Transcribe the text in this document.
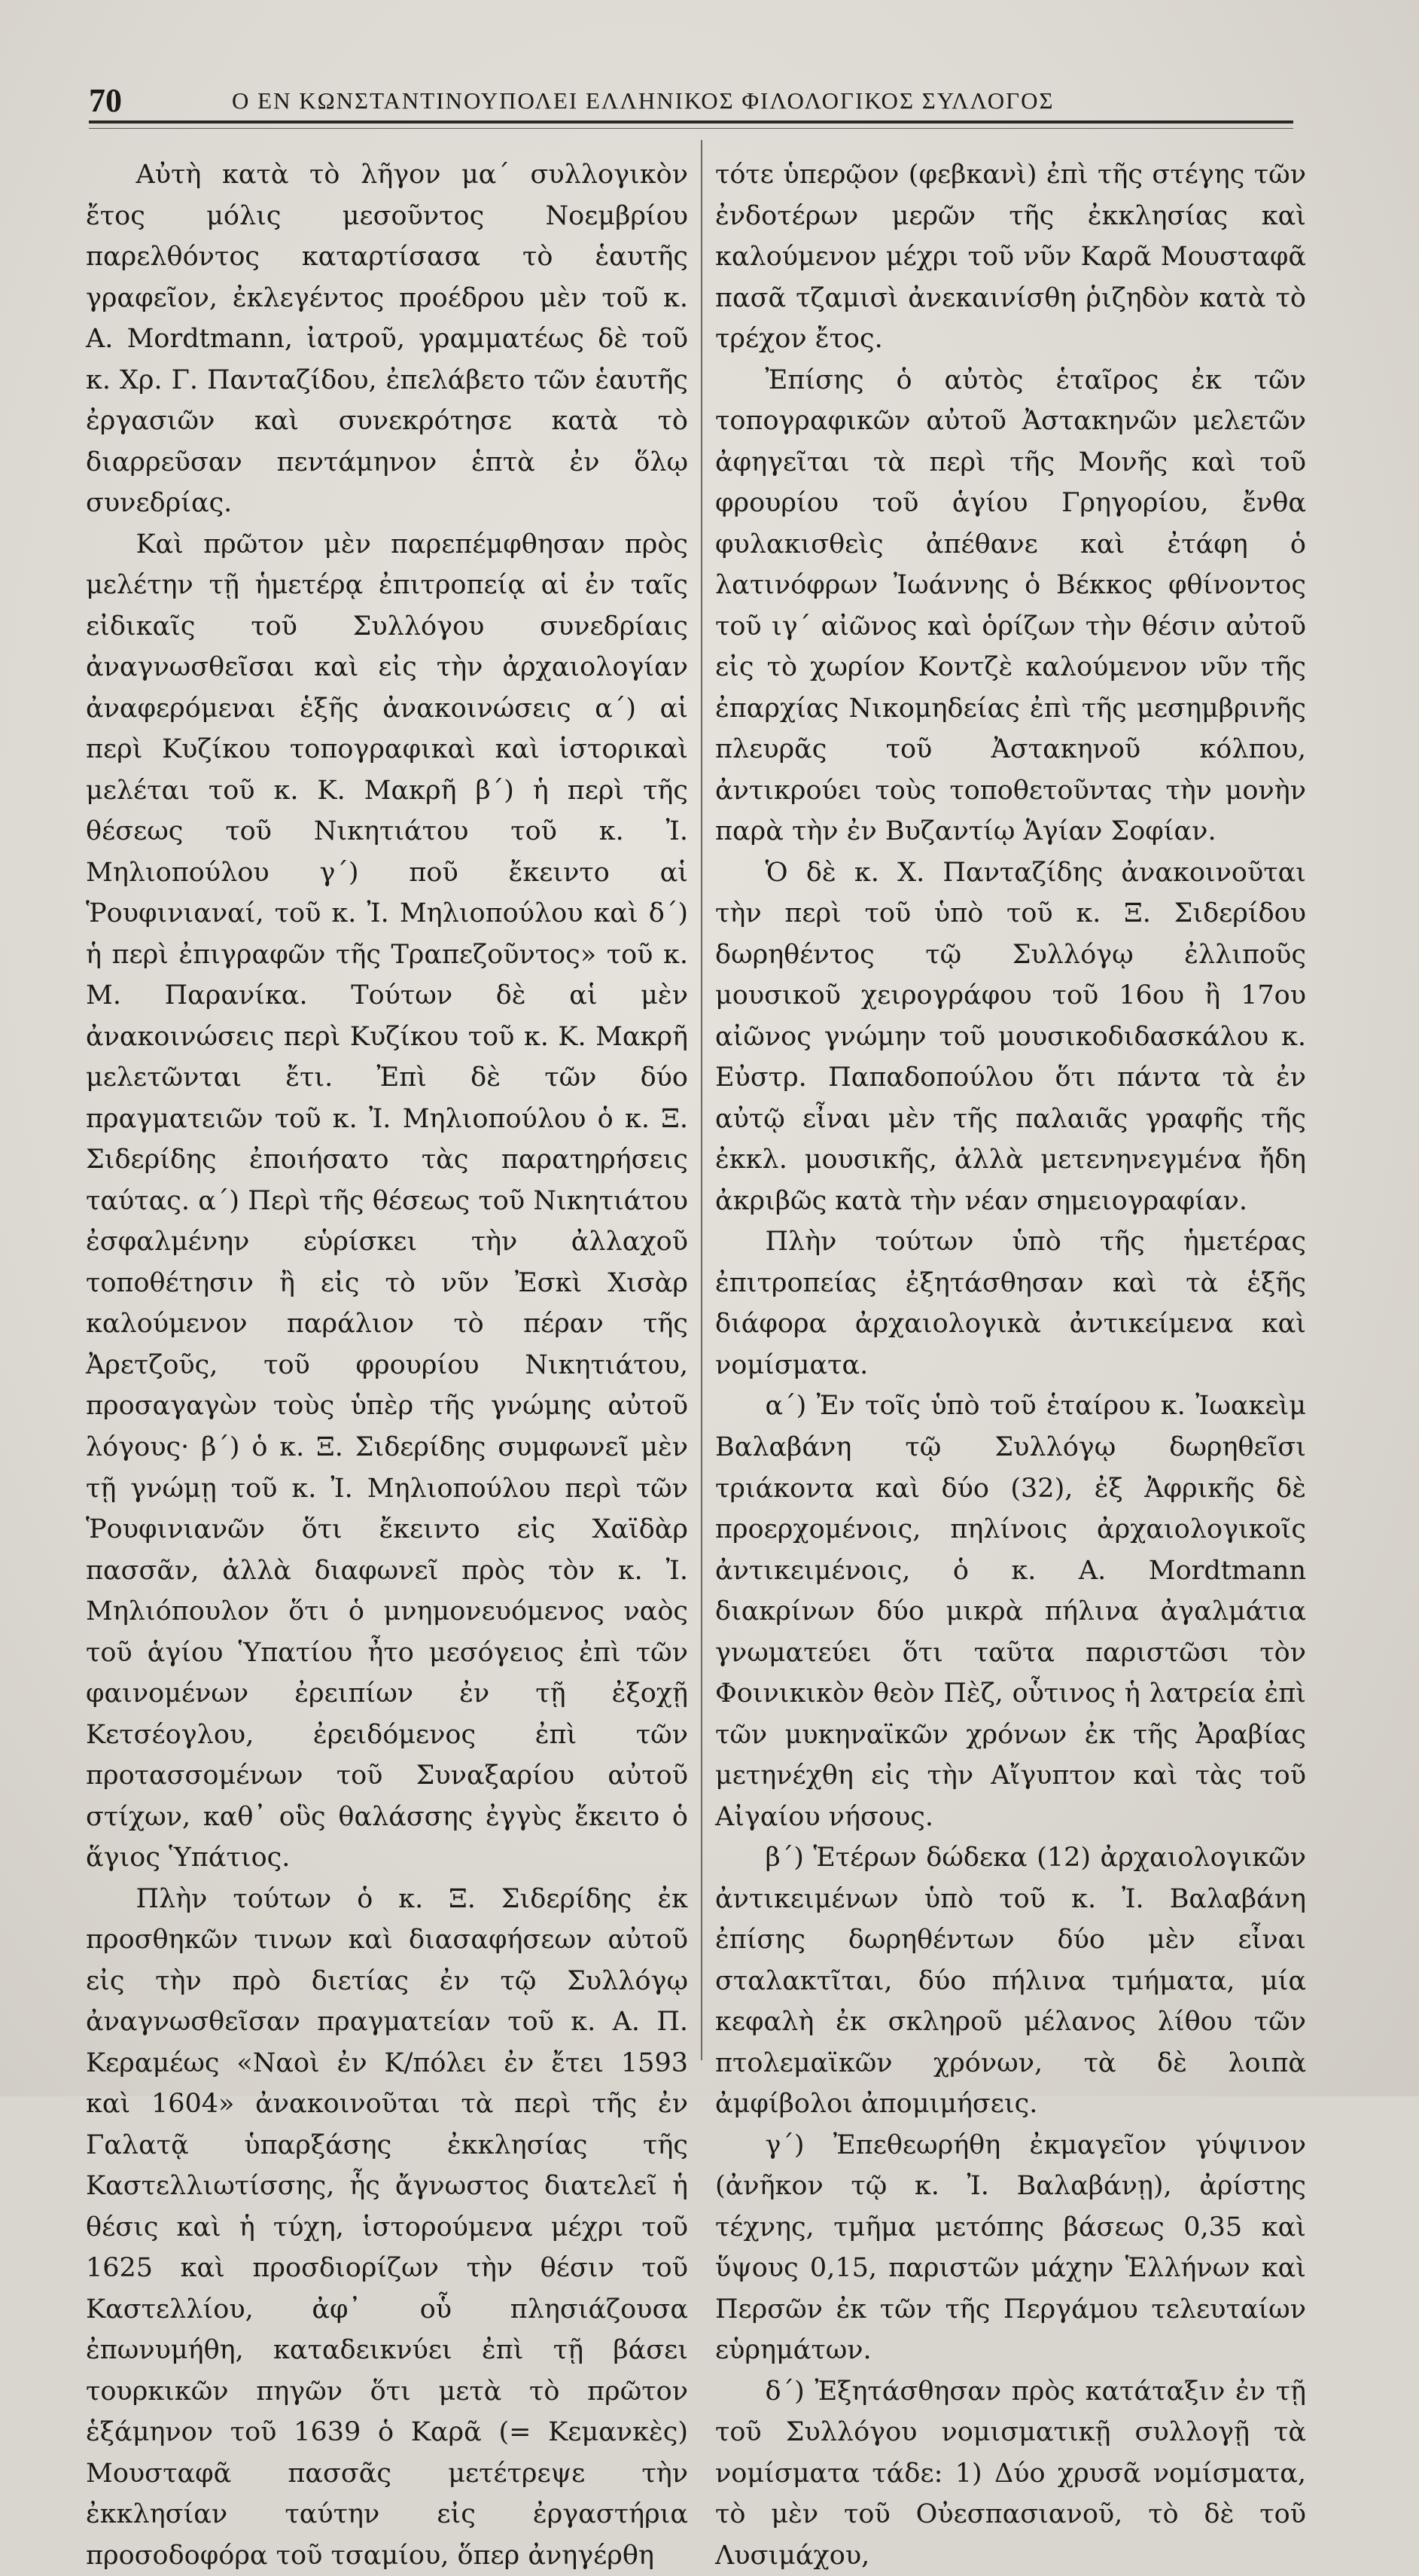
70	Ο ΕΝ ΚΩΝΣΤΑΝΤΙΝΟΥΠΟΛΕΙ ΕΛΛΗΝΙΚΟΣ ΦΙΛΟΛΟΓΙΚΟΣ ΣΥΛΛΟΓΟΣ

Αὐτὴ κατὰ τὸ λῆγον μα΄ συλλογικὸν ἔτος μόλις μεσοῦντος Νοεμβρίου παρελθόντος καταρτίσασα τὸ ἑαυτῆς γραφεῖον, ἐκλεγέντος προέδρου μὲν τοῦ κ. Α. Mordtmann, ἰατροῦ, γραμματέως δὲ τοῦ κ. Χρ. Γ. Πανταζίδου, ἐπελάβετο τῶν ἑαυτῆς ἐργασιῶν καὶ συνεκρότησε κατὰ τὸ διαρρεῦσαν πεντάμηνον ἑπτὰ ἐν ὅλῳ συνεδρίας.

Καὶ πρῶτον μὲν παρεπέμφθησαν πρὸς μελέτην τῇ ἡμετέρᾳ ἐπιτροπείᾳ αἱ ἐν ταῖς εἰδικαῖς τοῦ Συλλόγου συνεδρίαις ἀναγνωσθεῖσαι καὶ εἰς τὴν ἀρχαιολογίαν ἀναφερόμεναι ἑξῆς ἀνακοινώσεις α΄) αἱ περὶ Κυζίκου τοπογραφικαὶ καὶ ἱστορικαὶ μελέται τοῦ κ. Κ. Μακρῆ β΄) ἡ περὶ τῆς θέσεως τοῦ Νικητιάτου τοῦ κ. Ἰ. Μηλιοπούλου γ΄) ποῦ ἔκειντο αἱ Ῥουφινιαναί, τοῦ κ. Ἰ. Μηλιοπούλου καὶ δ΄) ἡ περὶ ἐπιγραφῶν τῆς Τραπεζοῦντος» τοῦ κ. Μ. Παρανίκα. Τούτων δὲ αἱ μὲν ἀνακοινώσεις περὶ Κυζίκου τοῦ κ. Κ. Μακρῆ μελετῶνται ἔτι. Ἐπὶ δὲ τῶν δύο πραγματειῶν τοῦ κ. Ἰ. Μηλιοπούλου ὁ κ. Ξ. Σιδερίδης ἐποιήσατο τὰς παρατηρήσεις ταύτας. α΄) Περὶ τῆς θέσεως τοῦ Νικητιάτου ἐσφαλμένην εὑρίσκει τὴν ἀλλαχοῦ τοποθέτησιν ἢ εἰς τὸ νῦν Ἐσκὶ Χισὰρ καλούμενον παράλιον τὸ πέραν τῆς Ἀρετζοῦς, τοῦ φρουρίου Νικητιάτου, προσαγαγὼν τοὺς ὑπὲρ τῆς γνώμης αὐτοῦ λόγους· β΄) ὁ κ. Ξ. Σιδερίδης συμφωνεῖ μὲν τῇ γνώμῃ τοῦ κ. Ἰ. Μηλιοπούλου περὶ τῶν Ῥουφινιανῶν ὅτι ἔκειντο εἰς Χαϊδὰρ πασσᾶν, ἀλλὰ διαφωνεῖ πρὸς τὸν κ. Ἰ. Μηλιόπουλον ὅτι ὁ μνημονευόμενος ναὸς τοῦ ἁγίου Ὑπατίου ἦτο μεσόγειος ἐπὶ τῶν φαινομένων ἐρειπίων ἐν τῇ ἐξοχῇ Κετσέογλου, ἐρειδόμενος ἐπὶ τῶν προτασσομένων τοῦ Συναξαρίου αὐτοῦ στίχων, καθ᾽ οὓς θαλάσσης ἐγγὺς ἔκειτο ὁ ἅγιος Ὑπάτιος.

Πλὴν τούτων ὁ κ. Ξ. Σιδερίδης ἐκ προσθηκῶν τινων καὶ διασαφήσεων αὐτοῦ εἰς τὴν πρὸ διετίας ἐν τῷ Συλλόγῳ ἀναγνωσθεῖσαν πραγματείαν τοῦ κ. Α. Π. Κεραμέως «Ναοὶ ἐν Κ/πόλει ἐν ἔτει 1593 καὶ 1604» ἀνακοινοῦται τὰ περὶ τῆς ἐν Γαλατᾷ ὑπαρξάσης ἐκκλησίας τῆς Καστελλιωτίσσης, ἧς ἄγνωστος διατελεῖ ἡ θέσις καὶ ἡ τύχη, ἱστορούμενα μέχρι τοῦ 1625 καὶ προσδιορίζων τὴν θέσιν τοῦ Καστελλίου, ἀφ᾽ οὗ πλησιάζουσα ἐπωνυμήθη, καταδεικνύει ἐπὶ τῇ βάσει τουρκικῶν πηγῶν ὅτι μετὰ τὸ πρῶτον ἑξάμηνον τοῦ 1639 ὁ Καρᾶ (= Κεμανκὲς) Μουσταφᾶ πασσᾶς μετέτρεψε τὴν ἐκκλησίαν ταύτην εἰς ἐργαστήρια προσοδοφόρα τοῦ τσαμίου, ὅπερ ἀνηγέρθη

τότε ὑπερῷον (φεβκανὶ) ἐπὶ τῆς στέγης τῶν ἐνδοτέρων μερῶν τῆς ἐκκλησίας καὶ καλούμενον μέχρι τοῦ νῦν Καρᾶ Μουσταφᾶ πασᾶ τζαμισὶ ἀνεκαινίσθη ῥιζηδὸν κατὰ τὸ τρέχον ἔτος.

Ἐπίσης ὁ αὐτὸς ἑταῖρος ἐκ τῶν τοπογραφικῶν αὐτοῦ Ἀστακηνῶν μελετῶν ἀφηγεῖται τὰ περὶ τῆς Μονῆς καὶ τοῦ φρουρίου τοῦ ἁγίου Γρηγορίου, ἔνθα φυλακισθεὶς ἀπέθανε καὶ ἐτάφη ὁ λατινόφρων Ἰωάννης ὁ Βέκκος φθίνοντος τοῦ ιγ΄ αἰῶνος καὶ ὁρίζων τὴν θέσιν αὐτοῦ εἰς τὸ χωρίον Κοντζὲ καλούμενον νῦν τῆς ἐπαρχίας Νικομηδείας ἐπὶ τῆς μεσημβρινῆς πλευρᾶς τοῦ Ἀστακηνοῦ κόλπου, ἀντικρούει τοὺς τοποθετοῦντας τὴν μονὴν παρὰ τὴν ἐν Βυζαντίῳ Ἁγίαν Σοφίαν.

Ὁ δὲ κ. Χ. Πανταζίδης ἀνακοινοῦται τὴν περὶ τοῦ ὑπὸ τοῦ κ. Ξ. Σιδερίδου δωρηθέντος τῷ Συλλόγῳ ἐλλιποῦς μουσικοῦ χειρογράφου τοῦ 16ου ἢ 17ου αἰῶνος γνώμην τοῦ μουσικοδιδασκάλου κ. Εὐστρ. Παπαδοπούλου ὅτι πάντα τὰ ἐν αὐτῷ εἶναι μὲν τῆς παλαιᾶς γραφῆς τῆς ἐκκλ. μουσικῆς, ἀλλὰ μετενηνεγμένα ἤδη ἀκριβῶς κατὰ τὴν νέαν σημειογραφίαν.

Πλὴν τούτων ὑπὸ τῆς ἡμετέρας ἐπιτροπείας ἐξητάσθησαν καὶ τὰ ἑξῆς διάφορα ἀρχαιολογικὰ ἀντικείμενα καὶ νομίσματα.

α΄) Ἐν τοῖς ὑπὸ τοῦ ἑταίρου κ. Ἰωακεὶμ Βαλαβάνη τῷ Συλλόγῳ δωρηθεῖσι τριάκοντα καὶ δύο (32), ἐξ Ἀφρικῆς δὲ προερχομένοις, πηλίνοις ἀρχαιολογικοῖς ἀντικειμένοις, ὁ κ. Α. Mordtmann διακρίνων δύο μικρὰ πήλινα ἀγαλμάτια γνωματεύει ὅτι ταῦτα παριστῶσι τὸν Φοινικικὸν θεὸν Πὲζ, οὗτινος ἡ λατρεία ἐπὶ τῶν μυκηναϊκῶν χρόνων ἐκ τῆς Ἀραβίας μετηνέχθη εἰς τὴν Αἴγυπτον καὶ τὰς τοῦ Αἰγαίου νήσους.

β΄) Ἑτέρων δώδεκα (12) ἀρχαιολογικῶν ἀντικειμένων ὑπὸ τοῦ κ. Ἰ. Βαλαβάνη ἐπίσης δωρηθέντων δύο μὲν εἶναι σταλακτῖται, δύο πήλινα τμήματα, μία κεφαλὴ ἐκ σκληροῦ μέλανος λίθου τῶν πτολεμαϊκῶν χρόνων, τὰ δὲ λοιπὰ ἀμφίβολοι ἀπομιμήσεις.

γ΄) Ἐπεθεωρήθη ἐκμαγεῖον γύψινον (ἀνῆκον τῷ κ. Ἰ. Βαλαβάνῃ), ἀρίστης τέχνης, τμῆμα μετόπης βάσεως 0,35 καὶ ὕψους 0,15, παριστῶν μάχην Ἑλλήνων καὶ Περσῶν ἐκ τῶν τῆς Περγάμου τελευταίων εὑρημάτων.

δ΄) Ἐξητάσθησαν πρὸς κατάταξιν ἐν τῇ τοῦ Συλλόγου νομισματικῇ συλλογῇ τὰ νομίσματα τάδε: 1) Δύο χρυσᾶ νομίσματα, τὸ μὲν τοῦ Οὐεσπασιανοῦ, τὸ δὲ τοῦ Λυσιμάχου,
